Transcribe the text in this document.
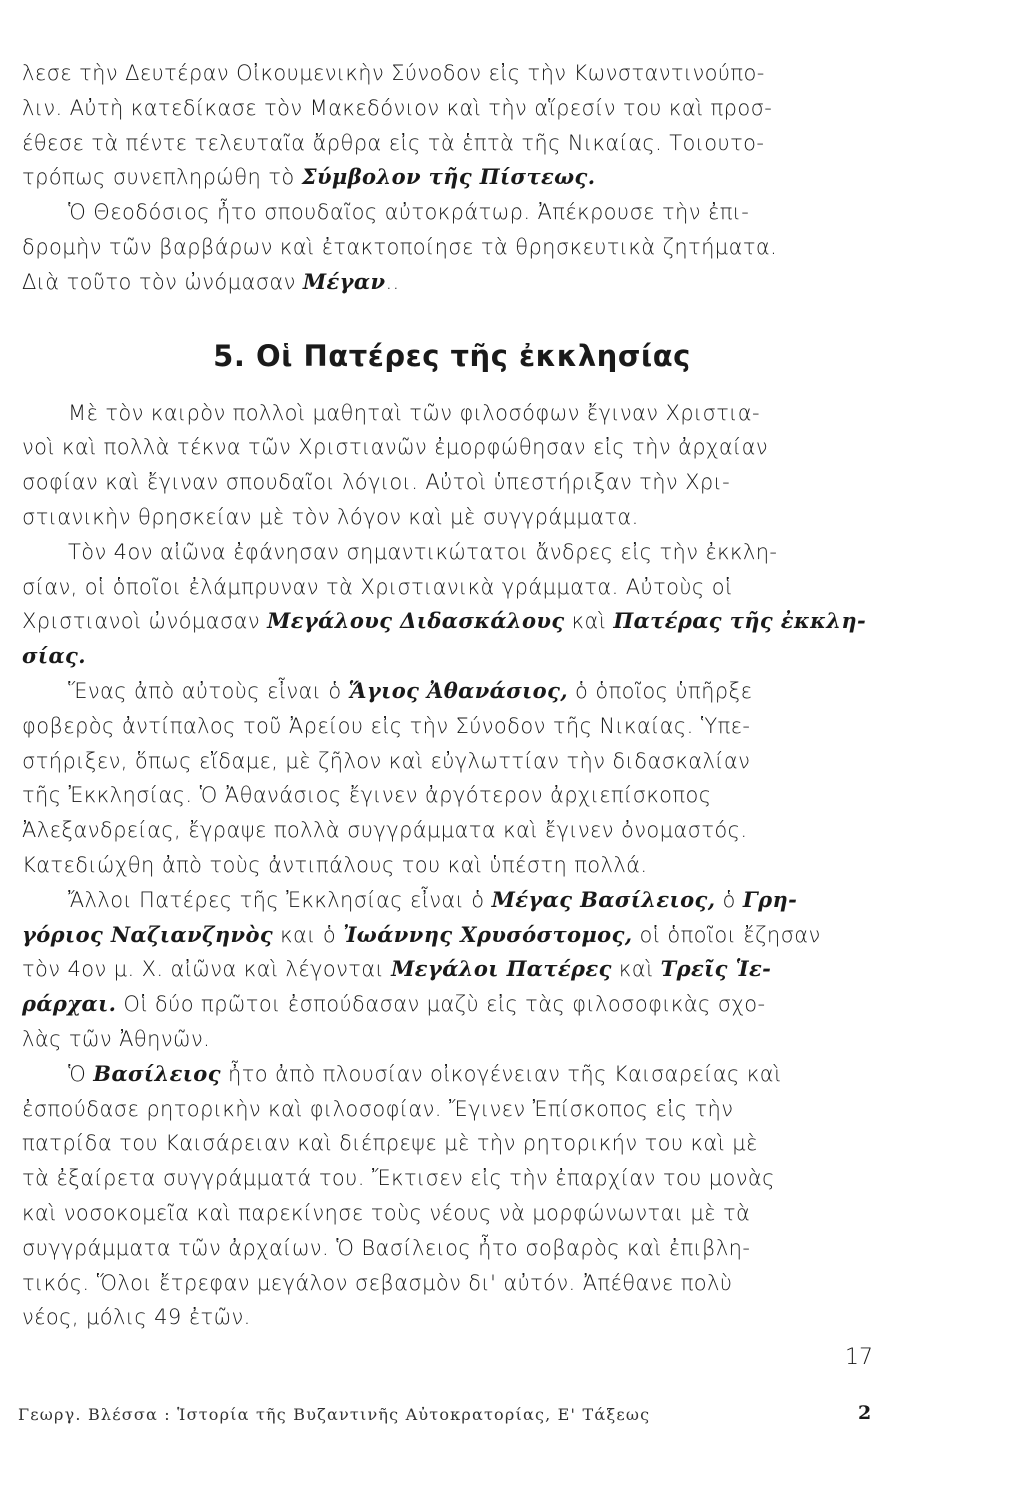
λεσε τὴν Δευτέραν Οἰκουμενικὴν Σύνοδον εἰς τὴν Κωνσταντινούπο-
λιν. Αὐτὴ κατεδίκασε τὸν Μακεδόνιον καὶ τὴν αἵρεσίν του καὶ προσ-
έθεσε τὰ πέντε τελευταῖα ἄρθρα εἰς τὰ ἑπτὰ τῆς Νικαίας. Τοιουτο-
τρόπως συνεπληρώθη τὸ Σύμβολον τῆς Πίστεως.
Ὁ Θεοδόσιος ἦτο σπουδαῖος αὐτοκράτωρ. Ἀπέκρουσε τὴν ἐπι-
δρομὴν τῶν βαρβάρων καὶ ἐτακτοποίησε τὰ θρησκευτικὰ ζητήματα.
Διὰ τοῦτο τὸν ὠνόμασαν Μέγαν..
5. Οἱ Πατέρες τῆς ἐκκλησίας
Μὲ τὸν καιρὸν πολλοὶ μαθηταὶ τῶν φιλοσόφων ἔγιναν Χριστια-
νοὶ καὶ πολλὰ τέκνα τῶν Χριστιανῶν ἐμορφώθησαν εἰς τὴν ἀρχαίαν
σοφίαν καὶ ἔγιναν σπουδαῖοι λόγιοι. Αὐτοὶ ὑπεστήριξαν τὴν Χρι-
στιανικὴν θρησκείαν μὲ τὸν λόγον καὶ μὲ συγγράμματα.
Τὸν 4ον αἰῶνα ἐφάνησαν σημαντικώτατοι ἄνδρες εἰς τὴν ἐκκλη-
σίαν, οἱ ὁποῖοι ἐλάμπρυναν τὰ Χριστιανικὰ γράμματα. Αὐτοὺς οἱ
Χριστιανοὶ ὠνόμασαν Μεγάλους Διδασκάλους καὶ Πατέρας τῆς ἐκκλη-
σίας.
Ἕνας ἀπὸ αὐτοὺς εἶναι ὁ Ἅγιος Ἀθανάσιος, ὁ ὁποῖος ὑπῆρξε
φοβερὸς ἀντίπαλος τοῦ Ἀρείου εἰς τὴν Σύνοδον τῆς Νικαίας. Ὑπε-
στήριξεν, ὅπως εἴδαμε, μὲ ζῆλον καὶ εὐγλωττίαν τὴν διδασκαλίαν
τῆς Ἐκκλησίας. Ὁ Ἀθανάσιος ἔγινεν ἀργότερον ἀρχιεπίσκοπος
Ἀλεξανδρείας, ἔγραψε πολλὰ συγγράμματα καὶ ἔγινεν ὀνομαστός.
Κατεδιώχθη ἀπὸ τοὺς ἀντιπάλους του καὶ ὑπέστη πολλά.
Ἄλλοι Πατέρες τῆς Ἐκκλησίας εἶναι ὁ Μέγας Βασίλειος, ὁ Γρη-
γόριος Ναζιανζηνὸς και ὁ Ἰωάννης Χρυσόστομος, οἱ ὁποῖοι ἔζησαν
τὸν 4ον μ. Χ. αἰῶνα καὶ λέγονται Μεγάλοι Πατέρες καὶ Τρεῖς Ἱε-
ράρχαι. Οἱ δύο πρῶτοι ἐσπούδασαν μαζὺ εἰς τὰς φιλοσοφικὰς σχο-
λὰς τῶν Ἀθηνῶν.
Ὁ Βασίλειος ἦτο ἀπὸ πλουσίαν οἰκογένειαν τῆς Καισαρείας καὶ
ἐσπούδασε ρητορικὴν καὶ φιλοσοφίαν. Ἔγινεν Ἐπίσκοπος εἰς τὴν
πατρίδα του Καισάρειαν καὶ διέπρεψε μὲ τὴν ρητορικήν του καὶ μὲ
τὰ ἐξαίρετα συγγράμματά του. Ἔκτισεν εἰς τὴν ἐπαρχίαν του μονὰς
καὶ νοσοκομεῖα καὶ παρεκίνησε τοὺς νέους νὰ μορφώνωνται μὲ τὰ
συγγράμματα τῶν ἀρχαίων. Ὁ Βασίλειος ἦτο σοβαρὸς καὶ ἐπιβλη-
τικός. Ὅλοι ἔτρεφαν μεγάλον σεβασμὸν δι' αὐτόν. Ἀπέθανε πολὺ
νέος, μόλις 49 ἐτῶν.
17
Γεωργ. Βλέσσα : Ἱστορία τῆς Βυζαντινῆς Αὐτοκρατορίας, Ε' Τάξεως	2
